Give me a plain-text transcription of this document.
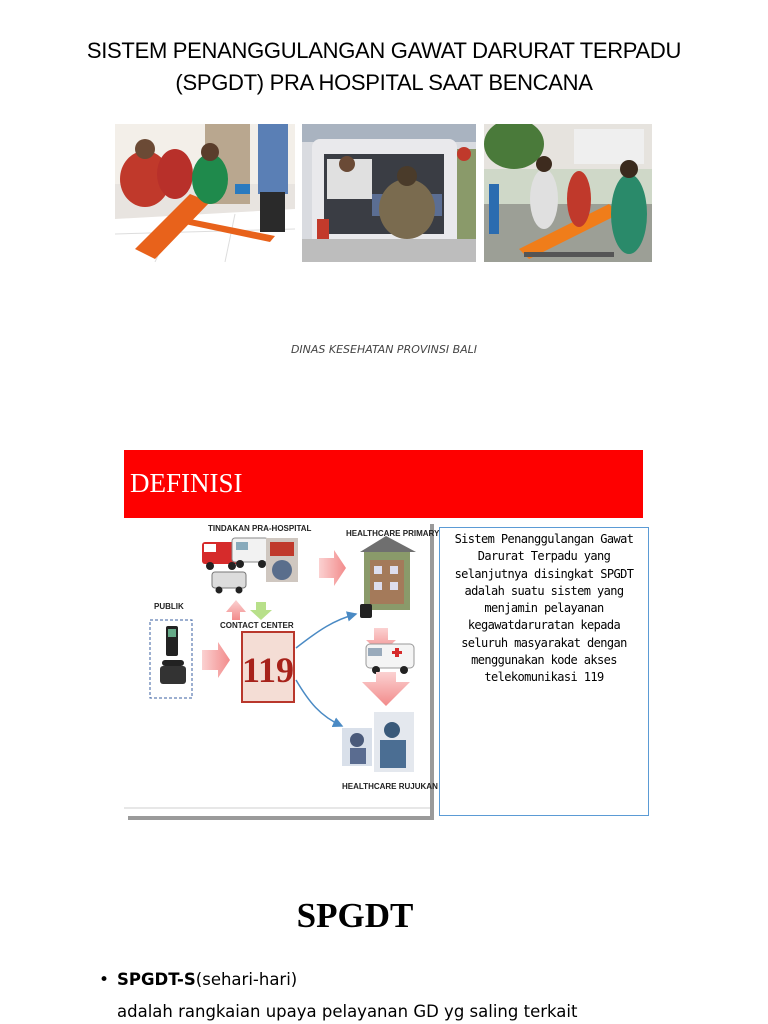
SISTEM PENANGGULANGAN GAWAT DARURAT TERPADU
(SPGDT) PRA HOSPITAL SAAT BENCANA
DINAS KESEHATAN PROVINSI BALI
DEFINISI
119
TINDAKAN PRA-HOSPITAL
HEALTHCARE PRIMARY
PUBLIK
CONTACT CENTER
HEALTHCARE RUJUKAN
Sistem Penanggulangan Gawat Darurat Terpadu yang selanjutnya disingkat SPGDT adalah suatu sistem yang menjamin pelayanan kegawatdaruratan kepada seluruh masyarakat dengan menggunakan kode akses telekomunikasi 119
SPGDT
• SPGDT-S(sehari-hari)
adalah rangkaian upaya pelayanan GD yg saling terkait
